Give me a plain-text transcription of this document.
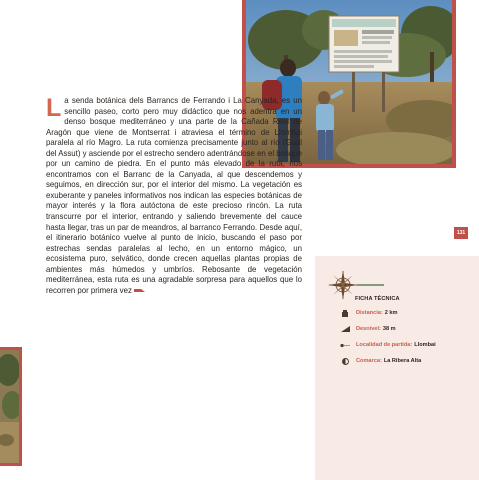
La senda botánica dels Barrancs de Ferrando i La Canyada, es un sencillo paseo, corto pero muy didáctico que nos adentra en un denso bosque mediterráneo y una parte de la Cañada Real de Aragón que viene de Montserrat i atraviesa el término de Llombai paralela al río Magro. La ruta comienza precisamente junto al río (Gual del Assut) y asciende por el estrecho sendero adentrándose en el bosque por un camino de piedra. En el punto más elevado de la ruta, nos encontramos con el Barranc de la Canyada, al que descendemos y seguimos, en dirección sur, por el interior del mismo. La vegetación es exuberante y paneles informativos nos indican las especies botánicas de mayor interés y la flora autóctona de este precioso rincón. La ruta transcurre por el interior, entrando y saliendo brevemente del cauce hasta llegar, tras un par de meandros, al barranco Ferrando. Desde aquí, el itinerario botánico vuelve al punto de inicio, buscando el paso por estrechas sendas paralelas al lecho, en un entorno mágico, un ecosistema puro, selvático, donde crecen aquellas plantas propias de ambientes más húmedos y umbríos. Rebosante de vegetación mediterránea, esta ruta es una agradable sorpresa para aquellos que lo recorren por primera vez

131
FICHA TÉCNICA
Distancia: 2 km
Desnivel: 38 m
Localidad de partida: Llombai
Comarca: La Ribera Alta
